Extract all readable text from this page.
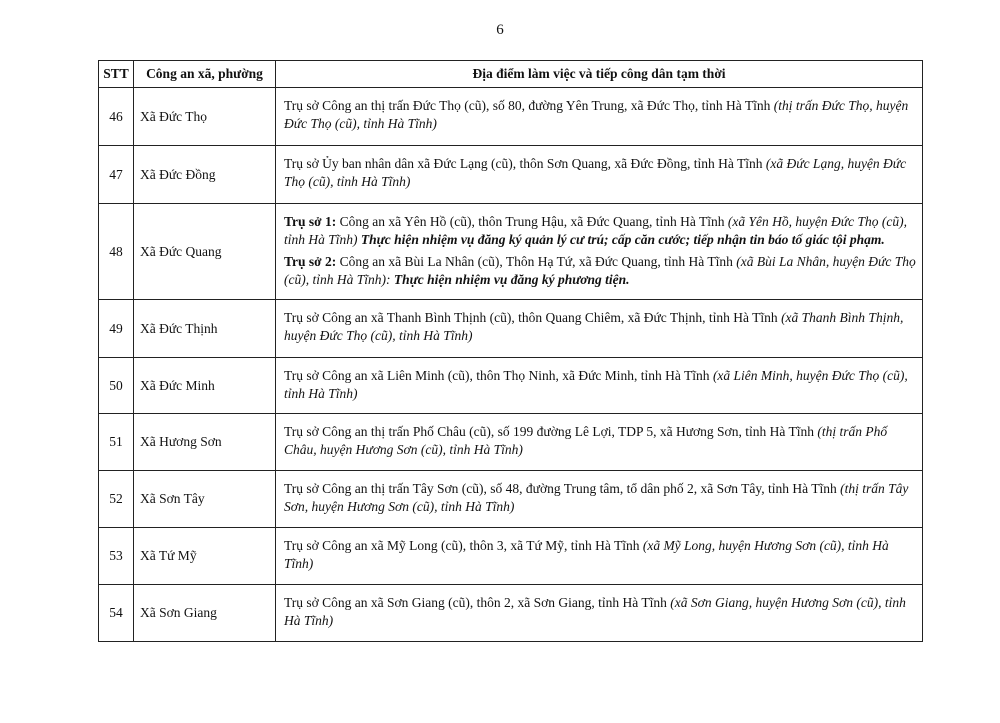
6
STT	Công an xã, phường	Địa điểm làm việc và tiếp công dân tạm thời
46	Xã Đức Thọ	Trụ sở Công an thị trấn Đức Thọ (cũ), số 80, đường Yên Trung, xã Đức Thọ, tỉnh Hà Tĩnh (thị trấn Đức Thọ, huyện Đức Thọ (cũ), tỉnh Hà Tĩnh)

47	Xã Đức Đồng	Trụ sở Ủy ban nhân dân xã Đức Lạng (cũ), thôn Sơn Quang, xã Đức Đồng, tỉnh Hà Tĩnh (xã Đức Lạng, huyện Đức Thọ (cũ), tỉnh Hà Tĩnh)

48	Xã Đức Quang	Trụ sở 1: Công an xã Yên Hồ (cũ), thôn Trung Hậu, xã Đức Quang, tỉnh Hà Tĩnh (xã Yên Hồ, huyện Đức Thọ (cũ), tỉnh Hà Tĩnh) Thực hiện nhiệm vụ đăng ký quản lý cư trú; cấp căn cước; tiếp nhận tin báo tố giác tội phạm.

Trụ sở 2: Công an xã Bùi La Nhân (cũ), Thôn Hạ Tứ, xã Đức Quang, tỉnh Hà Tĩnh (xã Bùi La Nhân, huyện Đức Thọ (cũ), tỉnh Hà Tĩnh): Thực hiện nhiệm vụ đăng ký phương tiện.

49	Xã Đức Thịnh	Trụ sở Công an xã Thanh Bình Thịnh (cũ), thôn Quang Chiêm, xã Đức Thịnh, tỉnh Hà Tĩnh (xã Thanh Bình Thịnh, huyện Đức Thọ (cũ), tỉnh Hà Tĩnh)

50	Xã Đức Minh	Trụ sở Công an xã Liên Minh (cũ), thôn Thọ Ninh, xã Đức Minh, tỉnh Hà Tĩnh (xã Liên Minh, huyện Đức Thọ (cũ), tỉnh Hà Tĩnh)

51	Xã Hương Sơn	Trụ sở Công an thị trấn Phố Châu (cũ), số 199 đường Lê Lợi, TDP 5, xã Hương Sơn, tỉnh Hà Tĩnh (thị trấn Phố Châu, huyện Hương Sơn (cũ), tỉnh Hà Tĩnh)

52	Xã Sơn Tây	Trụ sở Công an thị trấn Tây Sơn (cũ), số 48, đường Trung tâm, tổ dân phố 2, xã Sơn Tây, tỉnh Hà Tĩnh (thị trấn Tây Sơn, huyện Hương Sơn (cũ), tỉnh Hà Tĩnh)

53	Xã Tứ Mỹ	Trụ sở Công an xã Mỹ Long (cũ), thôn 3, xã Tứ Mỹ, tỉnh Hà Tĩnh (xã Mỹ Long, huyện Hương Sơn (cũ), tỉnh Hà Tĩnh)

54	Xã Sơn Giang	Trụ sở Công an xã Sơn Giang (cũ), thôn 2, xã Sơn Giang, tỉnh Hà Tĩnh (xã Sơn Giang, huyện Hương Sơn (cũ), tỉnh Hà Tĩnh)
